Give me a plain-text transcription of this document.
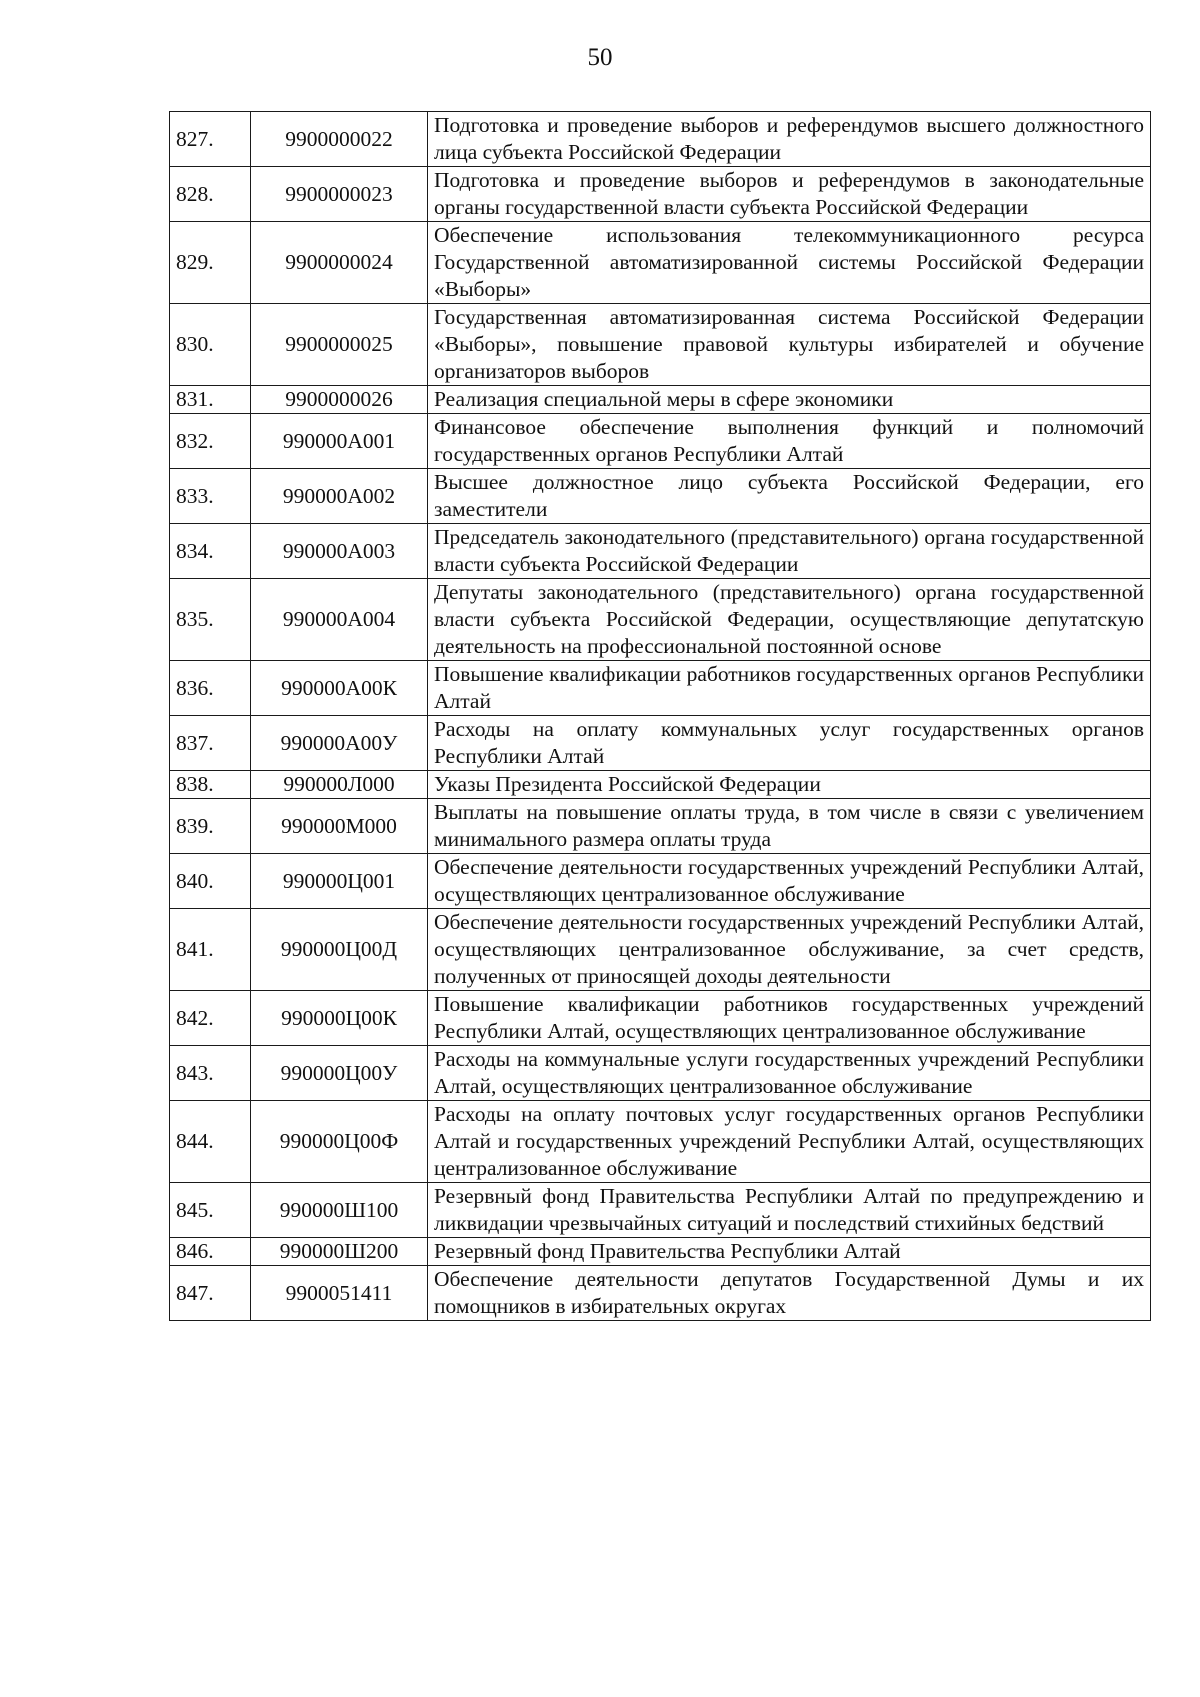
50
827.	9900000022	Подготовка и проведение выборов и референдумов высшего должностного лица субъекта Российской Федерации
828.	9900000023	Подготовка и проведение выборов и референдумов в законодательные органы государственной власти субъекта Российской Федерации
829.	9900000024	Обеспечение использования телекоммуникационного ресурса Государственной автоматизированной системы Российской Федерации «Выборы»
830.	9900000025	Государственная автоматизированная система Российской Федерации «Выборы», повышение правовой культуры избирателей и обучение организаторов выборов
831.	9900000026	Реализация специальной меры в сфере экономики
832.	990000А001	Финансовое обеспечение выполнения функций и полномочий государственных органов Республики Алтай
833.	990000А002	Высшее должностное лицо субъекта Российской Федерации, его заместители
834.	990000А003	Председатель законодательного (представительного) органа государственной власти субъекта Российской Федерации
835.	990000А004	Депутаты законодательного (представительного) органа государственной власти субъекта Российской Федерации, осуществляющие депутатскую деятельность на профессиональной постоянной основе
836.	990000А00К	Повышение квалификации работников государственных органов Республики Алтай
837.	990000А00У	Расходы на оплату коммунальных услуг государственных органов Республики Алтай
838.	990000Л000	Указы Президента Российской Федерации
839.	990000М000	Выплаты на повышение оплаты труда, в том числе в связи с увеличением минимального размера оплаты труда
840.	990000Ц001	Обеспечение деятельности государственных учреждений Республики Алтай, осуществляющих централизованное обслуживание
841.	990000Ц00Д	Обеспечение деятельности государственных учреждений Республики Алтай, осуществляющих централизованное обслуживание, за счет средств, полученных от приносящей доходы деятельности
842.	990000Ц00К	Повышение квалификации работников государственных учреждений Республики Алтай, осуществляющих централизованное обслуживание
843.	990000Ц00У	Расходы на коммунальные услуги государственных учреждений Республики Алтай, осуществляющих централизованное обслуживание
844.	990000Ц00Ф	Расходы на оплату почтовых услуг государственных органов Республики Алтай и государственных учреждений Республики Алтай, осуществляющих централизованное обслуживание
845.	990000Ш100	Резервный фонд Правительства Республики Алтай по предупреждению и ликвидации чрезвычайных ситуаций и последствий стихийных бедствий
846.	990000Ш200	Резервный фонд Правительства Республики Алтай
847.	9900051411	Обеспечение деятельности депутатов Государственной Думы и их помощников в избирательных округах
